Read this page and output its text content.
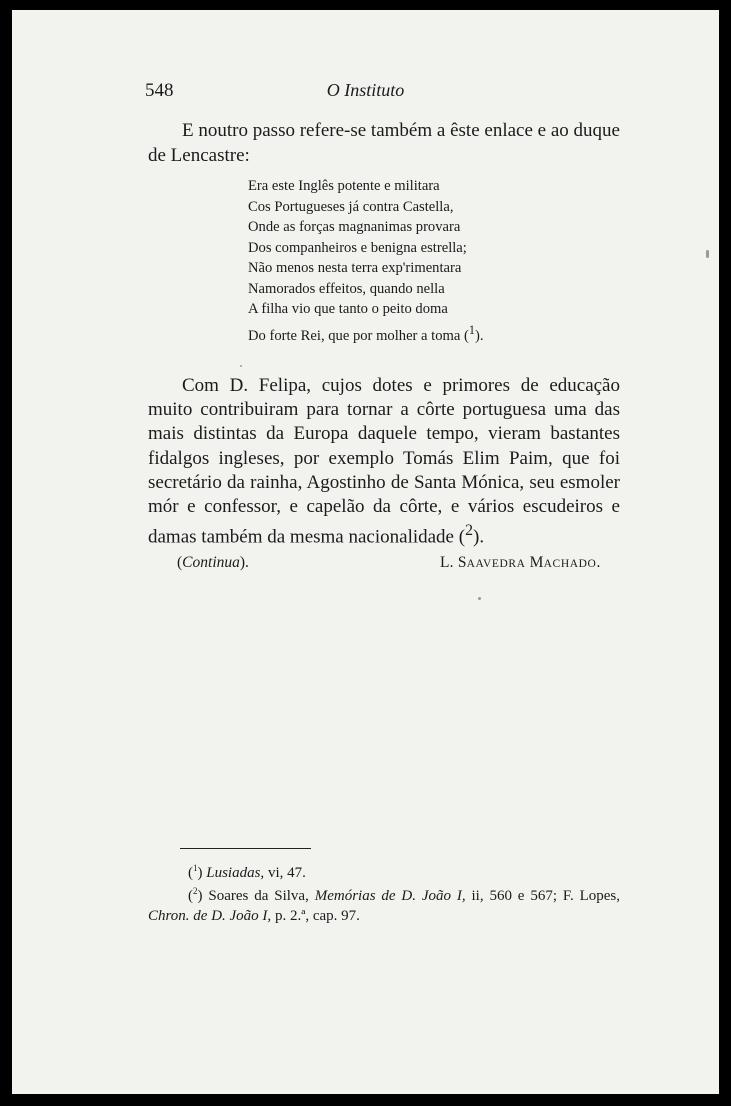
548	O Instituto

E noutro passo refere-se também a êste enlace e ao duque de Lencastre:

Era este Inglês potente e militara
Cos Portugueses já contra Castella,
Onde as forças magnanimas provara
Dos companheiros e benigna estrella;
Não menos nesta terra exp'rimentara
Namorados effeitos, quando nella
A filha vio que tanto o peito doma
Do forte Rei, que por molher a toma ($^1$).

Com D. Felipa, cujos dotes e primores de educação muito contribuiram para tornar a côrte portuguesa uma das mais distintas da Europa daquele tempo, vieram bastantes fidalgos ingleses, por exemplo Tomás Elim Paim, que foi secretário da rainha, Agostinho de Santa Mónica, seu esmoler mór e confessor, e capelão da côrte, e vários escudeiros e damas também da mesma nacionalidade ($^2$).

(Continua).	L. SAAVEDRA MACHADO.
($^1$) Lusiadas, vi, 47.
($^2$) Soares da Silva, Memórias de D. João I, ii, 560 e 567; F. Lopes, Chron. de D. João I, p. 2.ª, cap. 97.
